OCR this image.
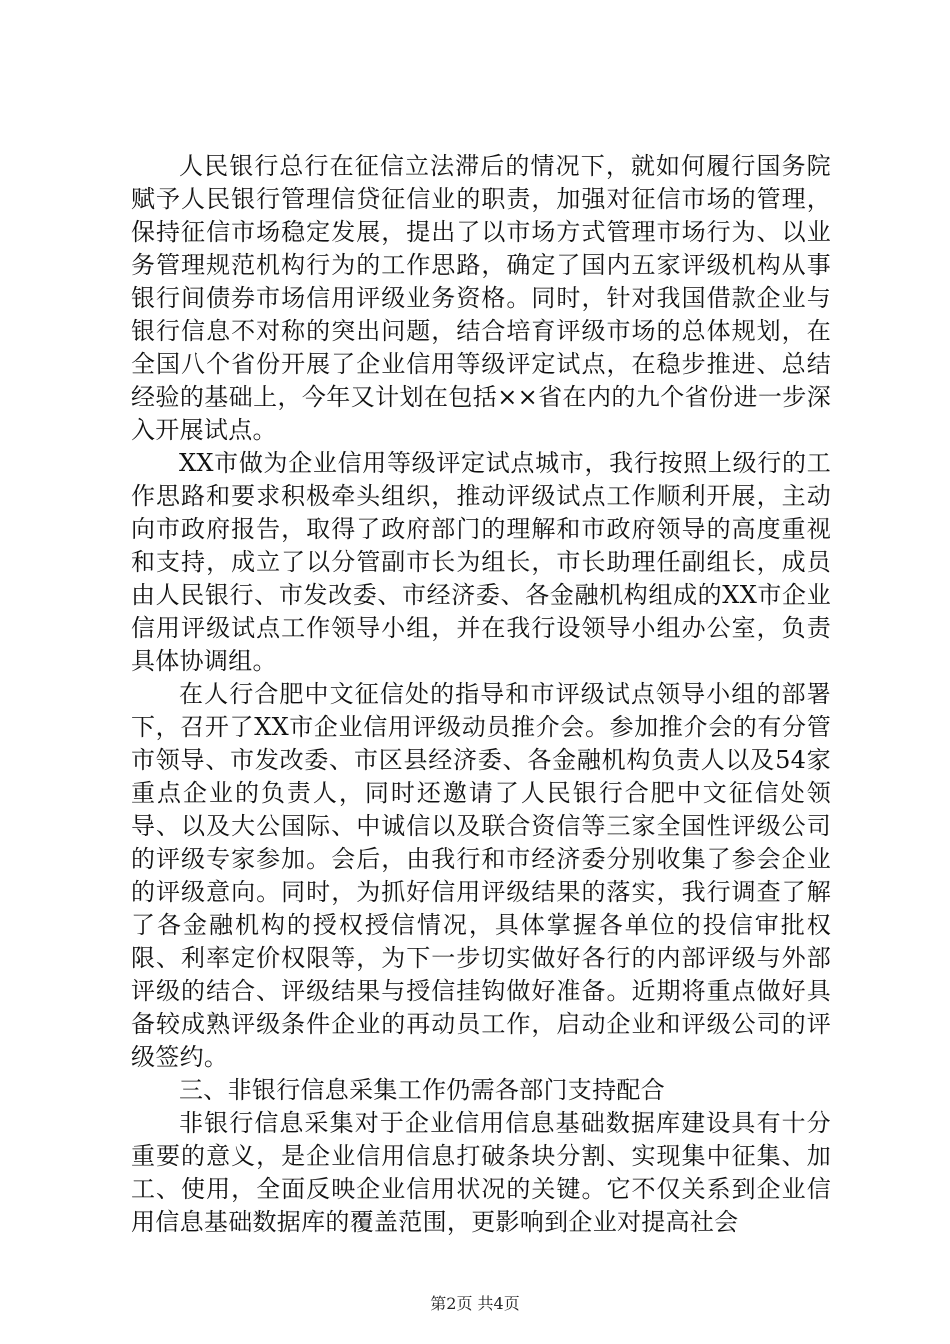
人民银行总行在征信立法滞后的情况下，就如何履行国务院赋予人民银行管理信贷征信业的职责，加强对征信市场的管理，保持征信市场稳定发展，提出了以市场方式管理市场行为、以业务管理规范机构行为的工作思路，确定了国内五家评级机构从事银行间债券市场信用评级业务资格。同时，针对我国借款企业与银行信息不对称的突出问题，结合培育评级市场的总体规划，在全国八个省份开展了企业信用等级评定试点，在稳步推进、总结经验的基础上，今年又计划在包括××省在内的九个省份进一步深入开展试点。

XX市做为企业信用等级评定试点城市，我行按照上级行的工作思路和要求积极牵头组织，推动评级试点工作顺利开展，主动向市政府报告，取得了政府部门的理解和市政府领导的高度重视和支持，成立了以分管副市长为组长，市长助理任副组长，成员由人民银行、市发改委、市经济委、各金融机构组成的XX市企业信用评级试点工作领导小组，并在我行设领导小组办公室，负责具体协调组。

在人行合肥中文征信处的指导和市评级试点领导小组的部署下，召开了XX市企业信用评级动员推介会。参加推介会的有分管市领导、市发改委、市区县经济委、各金融机构负责人以及54家重点企业的负责人，同时还邀请了人民银行合肥中文征信处领导、以及大公国际、中诚信以及联合资信等三家全国性评级公司的评级专家参加。会后，由我行和市经济委分别收集了参会企业的评级意向。同时，为抓好信用评级结果的落实，我行调查了解了各金融机构的授权授信情况，具体掌握各单位的投信审批权限、利率定价权限等，为下一步切实做好各行的内部评级与外部评级的结合、评级结果与授信挂钩做好准备。近期将重点做好具备较成熟评级条件企业的再动员工作，启动企业和评级公司的评级签约。

三、非银行信息采集工作仍需各部门支持配合

非银行信息采集对于企业信用信息基础数据库建设具有十分重要的意义，是企业信用信息打破条块分割、实现集中征集、加工、使用，全面反映企业信用状况的关键。它不仅关系到企业信用信息基础数据库的覆盖范围，更影响到企业对提高社会

第2页 共4页
